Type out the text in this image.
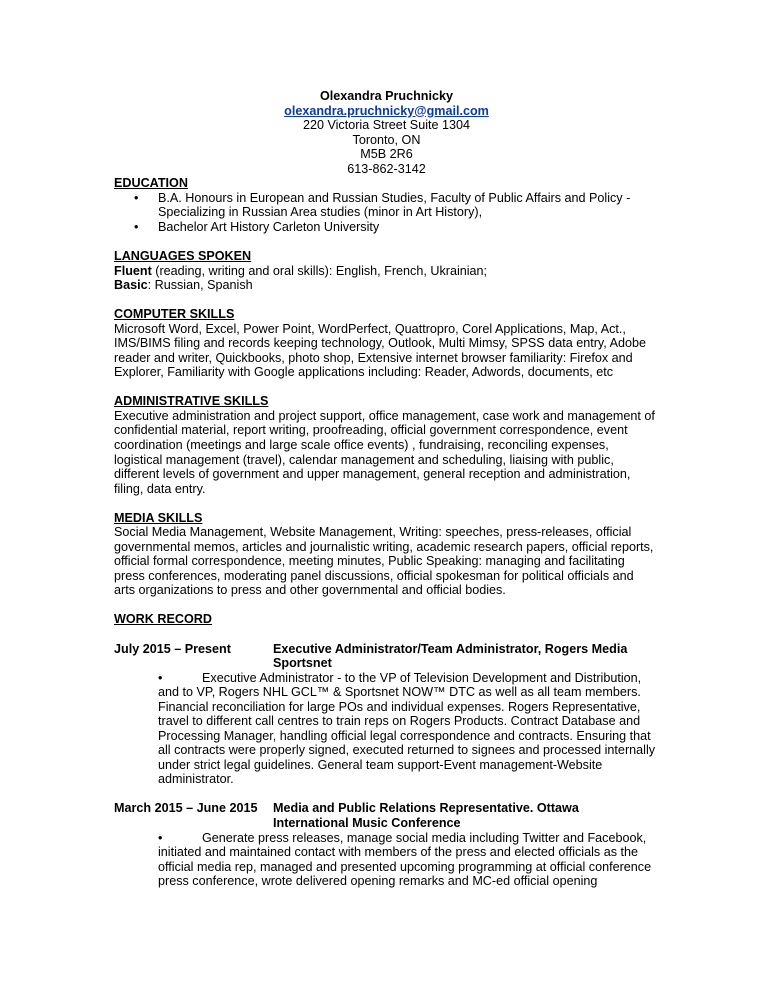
Olexandra Pruchnicky
olexandra.pruchnicky@gmail.com
220 Victoria Street Suite 1304
Toronto, ON
M5B 2R6
613-862-3142
EDUCATION
• B.A. Honours in European and Russian Studies, Faculty of Public Affairs and Policy - Specializing in Russian Area studies (minor in Art History),
• Bachelor Art History Carleton University
LANGUAGES SPOKEN
Fluent (reading, writing and oral skills): English, French, Ukrainian;
Basic: Russian, Spanish
COMPUTER SKILLS
Microsoft Word, Excel, Power Point, WordPerfect, Quattropro, Corel Applications, Map, Act.,
IMS/BIMS filing and records keeping technology, Outlook, Multi Mimsy, SPSS data entry, Adobe
reader and writer, Quickbooks, photo shop, Extensive internet browser familiarity: Firefox and
Explorer, Familiarity with Google applications including: Reader, Adwords, documents, etc
ADMINISTRATIVE SKILLS
Executive administration and project support, office management, case work and management of
confidential material, report writing, proofreading, official government correspondence, event
coordination (meetings and large scale office events) , fundraising, reconciling expenses,
logistical management (travel), calendar management and scheduling, liaising with public,
different levels of government and upper management, general reception and administration,
filing, data entry.
MEDIA SKILLS
Social Media Management, Website Management, Writing: speeches, press-releases, official
governmental memos, articles and journalistic writing, academic research papers, official reports,
official formal correspondence, meeting minutes, Public Speaking: managing and facilitating
press conferences, moderating panel discussions, official spokesman for political officials and
arts organizations to press and other governmental and official bodies.
WORK RECORD
July 2015 – Present	Executive Administrator/Team Administrator, Rogers Media
Sportsnet
•	Executive Administrator - to the VP of Television Development and Distribution,
and to VP, Rogers NHL GCL™ & Sportsnet NOW™ DTC as well as all team members.
Financial reconciliation for large POs and individual expenses. Rogers Representative,
travel to different call centres to train reps on Rogers Products. Contract Database and
Processing Manager, handling official legal correspondence and contracts. Ensuring that
all contracts were properly signed, executed returned to signees and processed internally
under strict legal guidelines. General team support-Event management-Website
administrator.
March 2015 – June 2015	Media and Public Relations Representative. Ottawa
International Music Conference
•	Generate press releases, manage social media including Twitter and Facebook,
initiated and maintained contact with members of the press and elected officials as the
official media rep, managed and presented upcoming programming at official conference
press conference, wrote delivered opening remarks and MC-ed official opening
